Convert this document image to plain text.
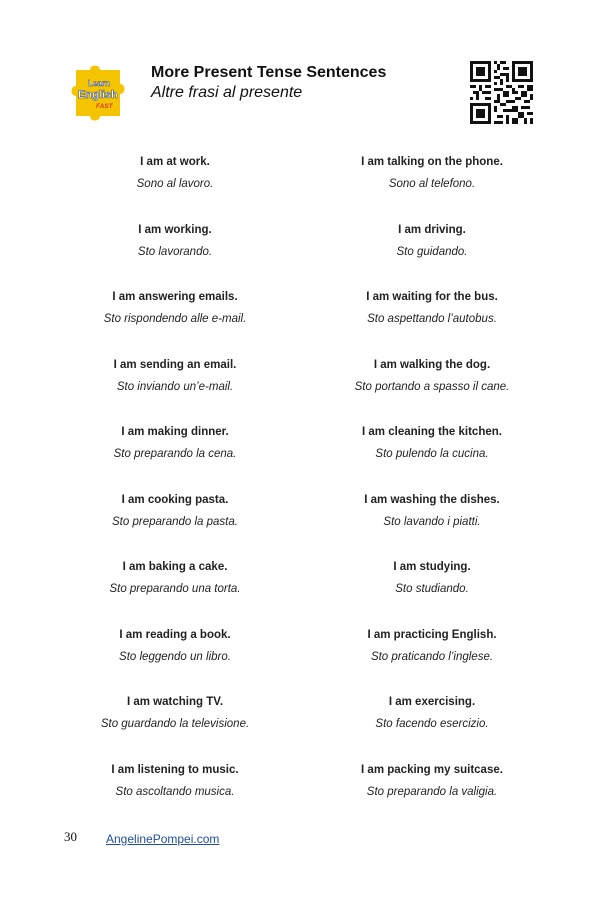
Learn
English
FAST
More Present Tense Sentences
Altre frasi al presente
I am at work.
Sono al lavoro.
I am working.
Sto lavorando.
I am answering emails.
Sto rispondendo alle e-mail.
I am sending an email.
Sto inviando un’e-mail.
I am making dinner.
Sto preparando la cena.
I am cooking pasta.
Sto preparando la pasta.
I am baking a cake.
Sto preparando una torta.
I am reading a book.
Sto leggendo un libro.
I am watching TV.
Sto guardando la televisione.
I am listening to music.
Sto ascoltando musica.
I am talking on the phone.
Sono al telefono.
I am driving.
Sto guidando.
I am waiting for the bus.
Sto aspettando l’autobus.
I am walking the dog.
Sto portando a spasso il cane.
I am cleaning the kitchen.
Sto pulendo la cucina.
I am washing the dishes.
Sto lavando i piatti.
I am studying.
Sto studiando.
I am practicing English.
Sto praticando l’inglese.
I am exercising.
Sto facendo esercizio.
I am packing my suitcase.
Sto preparando la valigia.
30 AngelinePompei.com
